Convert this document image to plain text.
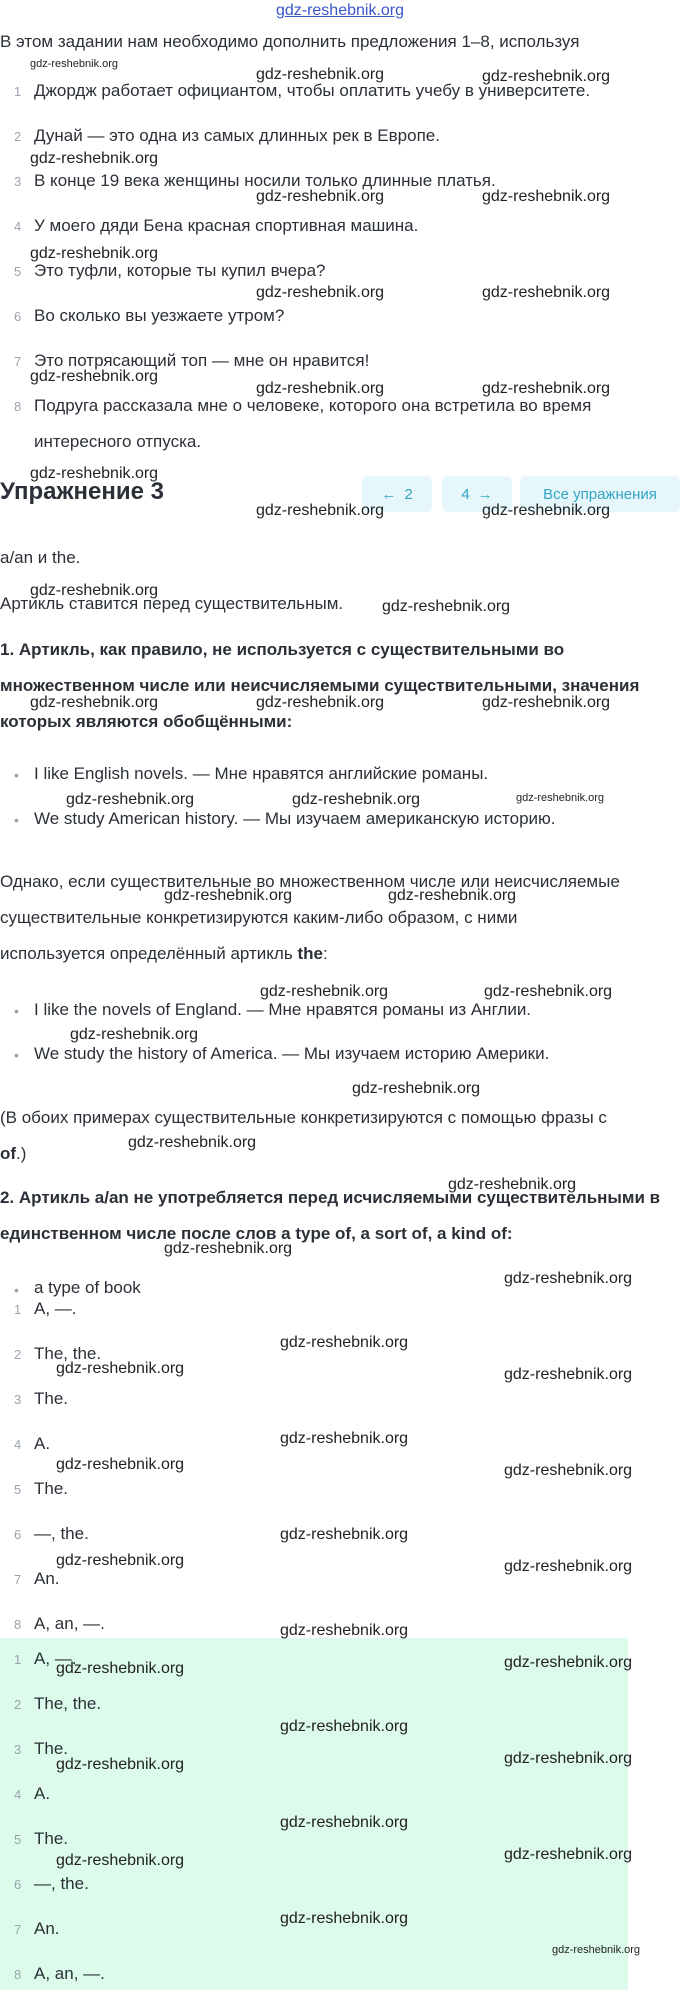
gdz-reshebnik.org
В этом задании нам необходимо дополнить предложения 1–8, используя
1 Джордж работает официантом, чтобы оплатить учебу в университете.
2 Дунай — это одна из самых длинных рек в Европе.
3 В конце 19 века женщины носили только длинные платья.
4 У моего дяди Бена красная спортивная машина.
5 Это туфли, которые ты купил вчера?
6 Во сколько вы уезжаете утром?
7 Это потрясающий топ — мне он нравится!
8 Подруга рассказала мне о человеке, которого она встретила во время
интересного отпуска.
Упражнение 3	← 2	4 →	Все упражнения
a/an и the.
Артикль ставится перед существительным.
1. Артикль, как правило, не используется с существительными во
множественном числе или неисчисляемыми существительными, значения
которых являются обобщёнными:
• I like English novels. — Мне нравятся английские романы.
• We study American history. — Мы изучаем американскую историю.
Однако, если существительные во множественном числе или неисчисляемые
существительные конкретизируются каким-либо образом, с ними
используется определённый артикль the:
• I like the novels of England. — Мне нравятся романы из Англии.
• We study the history of America. — Мы изучаем историю Америки.
(В обоих примерах существительные конкретизируются с помощью фразы с
of.)
2. Артикль a/an не употребляется перед исчисляемыми существительными в
единственном числе после слов a type of, a sort of, a kind of:
• a type of book
1 A, —.
2 The, the.
3 The.
4 A.
5 The.
6 —, the.
7 An.
8 A, an, —.
1 A, —.
2 The, the.
3 The.
4 A.
5 The.
6 —, the.
7 An.
8 A, an, —.
gdz-reshebnik.org
gdz-reshebnik.org	gdz-reshebnik.org
gdz-reshebnik.org
gdz-reshebnik.org	gdz-reshebnik.org
gdz-reshebnik.org
gdz-reshebnik.org	gdz-reshebnik.org
gdz-reshebnik.org
gdz-reshebnik.org	gdz-reshebnik.org
gdz-reshebnik.org
gdz-reshebnik.org	gdz-reshebnik.org
gdz-reshebnik.org
gdz-reshebnik.org
gdz-reshebnik.org	gdz-reshebnik.org	gdz-reshebnik.org
gdz-reshebnik.org	gdz-reshebnik.org	gdz-reshebnik.org
gdz-reshebnik.org	gdz-reshebnik.org
gdz-reshebnik.org	gdz-reshebnik.org
gdz-reshebnik.org
gdz-reshebnik.org
gdz-reshebnik.org
gdz-reshebnik.org
gdz-reshebnik.org
gdz-reshebnik.org
gdz-reshebnik.org
gdz-reshebnik.org	gdz-reshebnik.org
gdz-reshebnik.org
gdz-reshebnik.org	gdz-reshebnik.org
gdz-reshebnik.org
gdz-reshebnik.org	gdz-reshebnik.org
gdz-reshebnik.org
gdz-reshebnik.org	gdz-reshebnik.org
gdz-reshebnik.org
gdz-reshebnik.org	gdz-reshebnik.org
gdz-reshebnik.org
gdz-reshebnik.org	gdz-reshebnik.org
gdz-reshebnik.org
gdz-reshebnik.org
